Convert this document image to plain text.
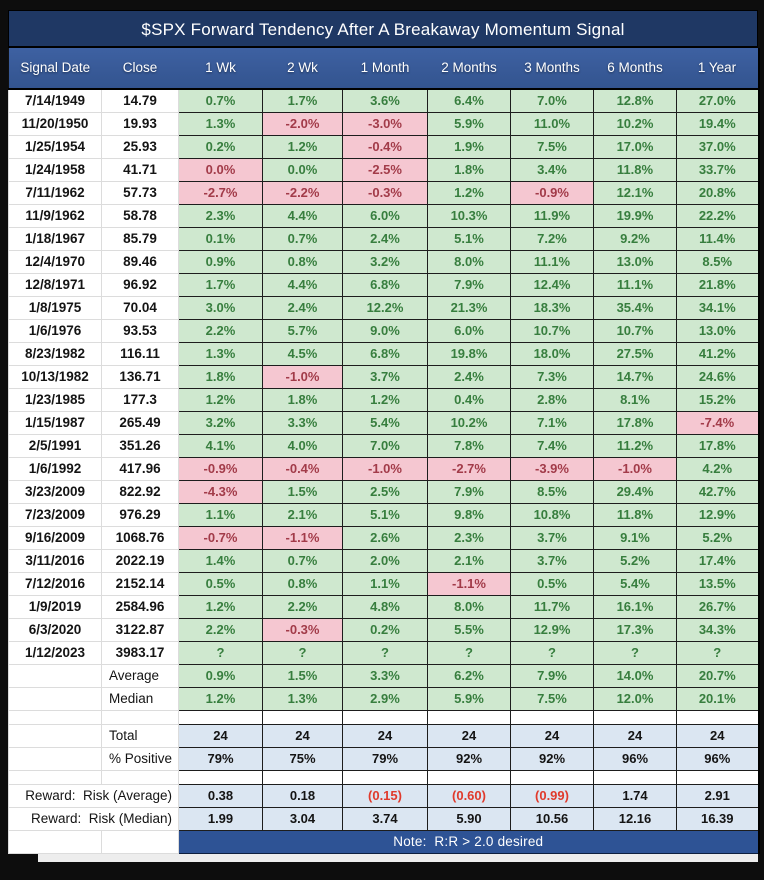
$SPX Forward Tendency After A Breakaway Momentum Signal
Signal Date	Close	1 Wk	2 Wk	1 Month	2 Months	3 Months	6 Months	1 Year
7/14/1949	14.79	0.7%	1.7%	3.6%	6.4%	7.0%	12.8%	27.0%
11/20/1950	19.93	1.3%	-2.0%	-3.0%	5.9%	11.0%	10.2%	19.4%
1/25/1954	25.93	0.2%	1.2%	-0.4%	1.9%	7.5%	17.0%	37.0%
1/24/1958	41.71	0.0%	0.0%	-2.5%	1.8%	3.4%	11.8%	33.7%
7/11/1962	57.73	-2.7%	-2.2%	-0.3%	1.2%	-0.9%	12.1%	20.8%
11/9/1962	58.78	2.3%	4.4%	6.0%	10.3%	11.9%	19.9%	22.2%
1/18/1967	85.79	0.1%	0.7%	2.4%	5.1%	7.2%	9.2%	11.4%
12/4/1970	89.46	0.9%	0.8%	3.2%	8.0%	11.1%	13.0%	8.5%
12/8/1971	96.92	1.7%	4.4%	6.8%	7.9%	12.4%	11.1%	21.8%
1/8/1975	70.04	3.0%	2.4%	12.2%	21.3%	18.3%	35.4%	34.1%
1/6/1976	93.53	2.2%	5.7%	9.0%	6.0%	10.7%	10.7%	13.0%
8/23/1982	116.11	1.3%	4.5%	6.8%	19.8%	18.0%	27.5%	41.2%
10/13/1982	136.71	1.8%	-1.0%	3.7%	2.4%	7.3%	14.7%	24.6%
1/23/1985	177.3	1.2%	1.8%	1.2%	0.4%	2.8%	8.1%	15.2%
1/15/1987	265.49	3.2%	3.3%	5.4%	10.2%	7.1%	17.8%	-7.4%
2/5/1991	351.26	4.1%	4.0%	7.0%	7.8%	7.4%	11.2%	17.8%
1/6/1992	417.96	-0.9%	-0.4%	-1.0%	-2.7%	-3.9%	-1.0%	4.2%
3/23/2009	822.92	-4.3%	1.5%	2.5%	7.9%	8.5%	29.4%	42.7%
7/23/2009	976.29	1.1%	2.1%	5.1%	9.8%	10.8%	11.8%	12.9%
9/16/2009	1068.76	-0.7%	-1.1%	2.6%	2.3%	3.7%	9.1%	5.2%
3/11/2016	2022.19	1.4%	0.7%	2.0%	2.1%	3.7%	5.2%	17.4%
7/12/2016	2152.14	0.5%	0.8%	1.1%	-1.1%	0.5%	5.4%	13.5%
1/9/2019	2584.96	1.2%	2.2%	4.8%	8.0%	11.7%	16.1%	26.7%
6/3/2020	3122.87	2.2%	-0.3%	0.2%	5.5%	12.9%	17.3%	34.3%
1/12/2023	3983.17	?	?	?	?	?	?	?
	Average	0.9%	1.5%	3.3%	6.2%	7.9%	14.0%	20.7%
	Median	1.2%	1.3%	2.9%	5.9%	7.5%	12.0%	20.1%

	Total	24	24	24	24	24	24	24
	% Positive	79%	75%	79%	92%	92%	96%	96%

Reward:  Risk (Average)		0.38	0.18	(0.15)	(0.60)	(0.99)	1.74	2.91
Reward:  Risk (Median)		1.99	3.04	3.74	5.90	10.56	12.16	16.39
		Note:  R:R > 2.0 desired						
